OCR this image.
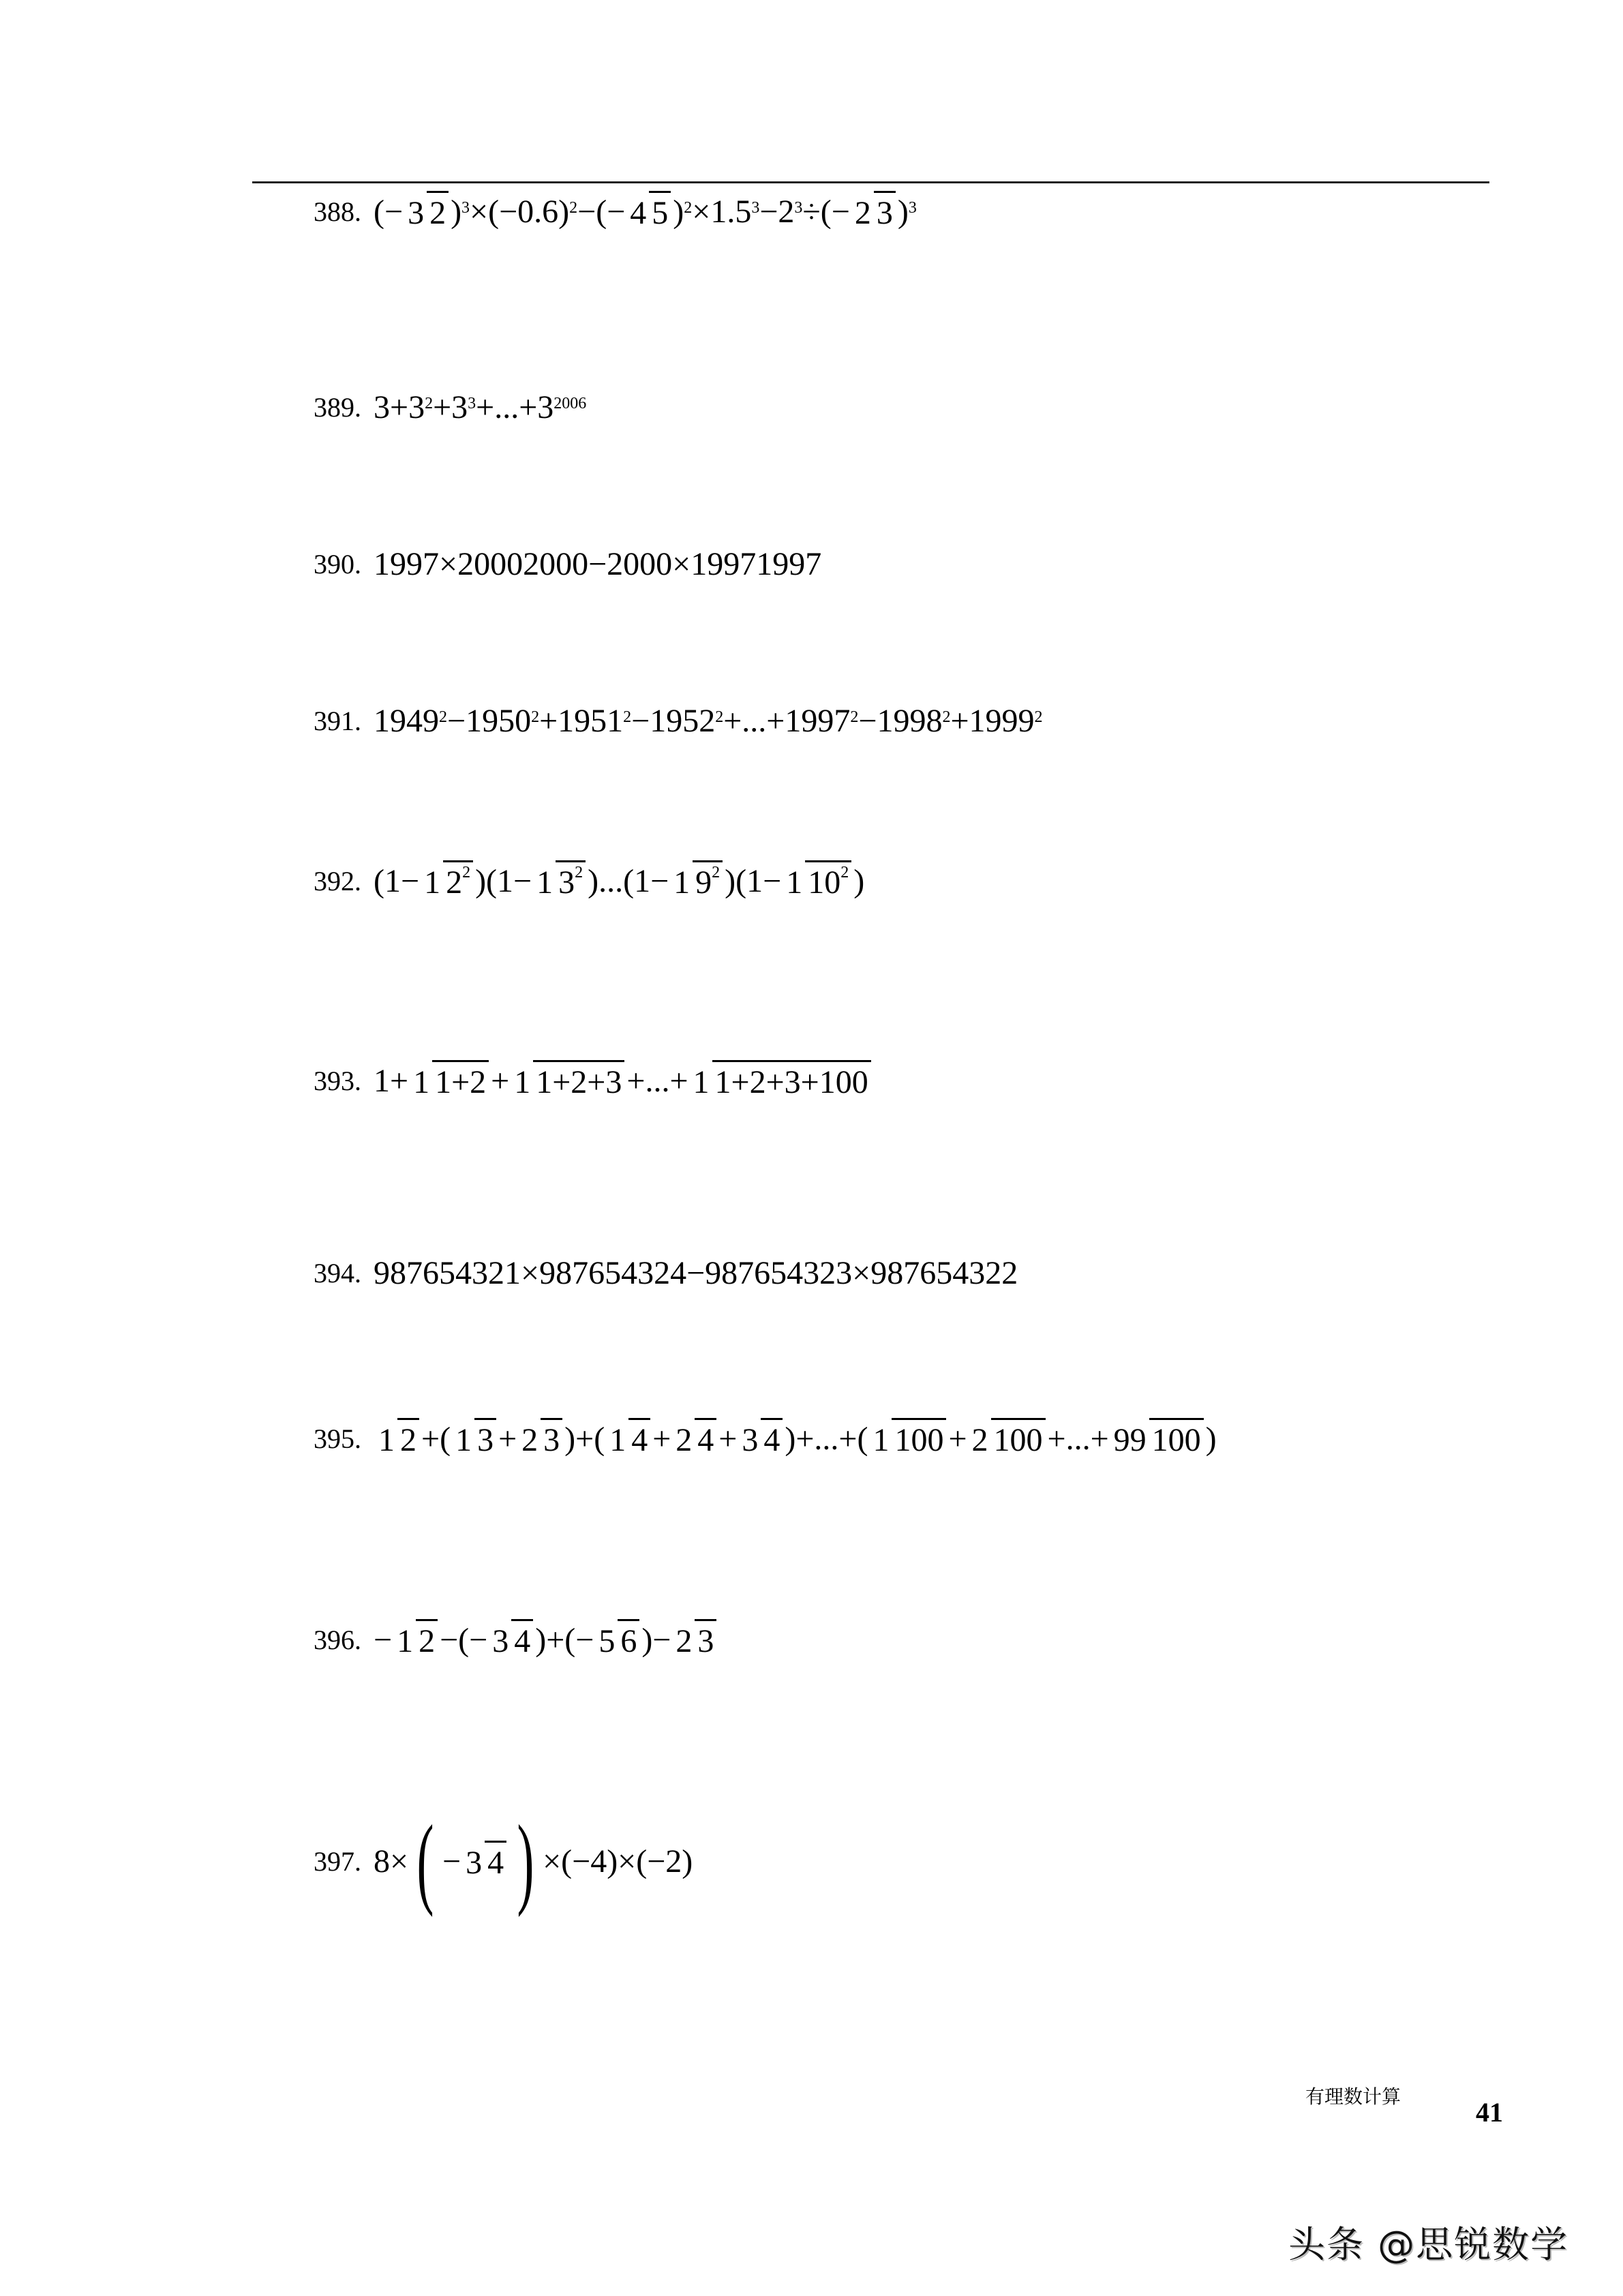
388. (− 3 2 )$^3 \times(-0.6)^2$ −(− 4 5 )$^2 \times 1.5^3 -2^3$ ÷(− 2 3 )$^3$
389. $3+3^2 +3^3 +...+3^{2006}$
390. 1997×20002000−2000×19971997
391. $1949^2 -1950^2 +1951^2 -1952^2 +...+1997^2 -1998^2 +1999^2$
392. (1− 1 $2^2$ )(1− 1 $3^2$ )...(1− 1 $9^2$ )(1− 1 $10^2$ )
393. 1+ 1 1+2 + 1 1+2+3 +...+ 1 1+2+3+100
394. 987654321×987654324−987654323×987654322
395. 1 2 + ( 1 3 + 2 3 ) + ( 1 4 + 2 4 + 3 4 ) +...+ ( 1 100 + 2 100 +...+ 99 100 )
396. − 1 2 −(− 3 4 )+(− 5 6 )− 2 3
397. 8× ( − 3 4 ) ×(−4)×(−2)
有理数计算
41
头条 @思锐数学
